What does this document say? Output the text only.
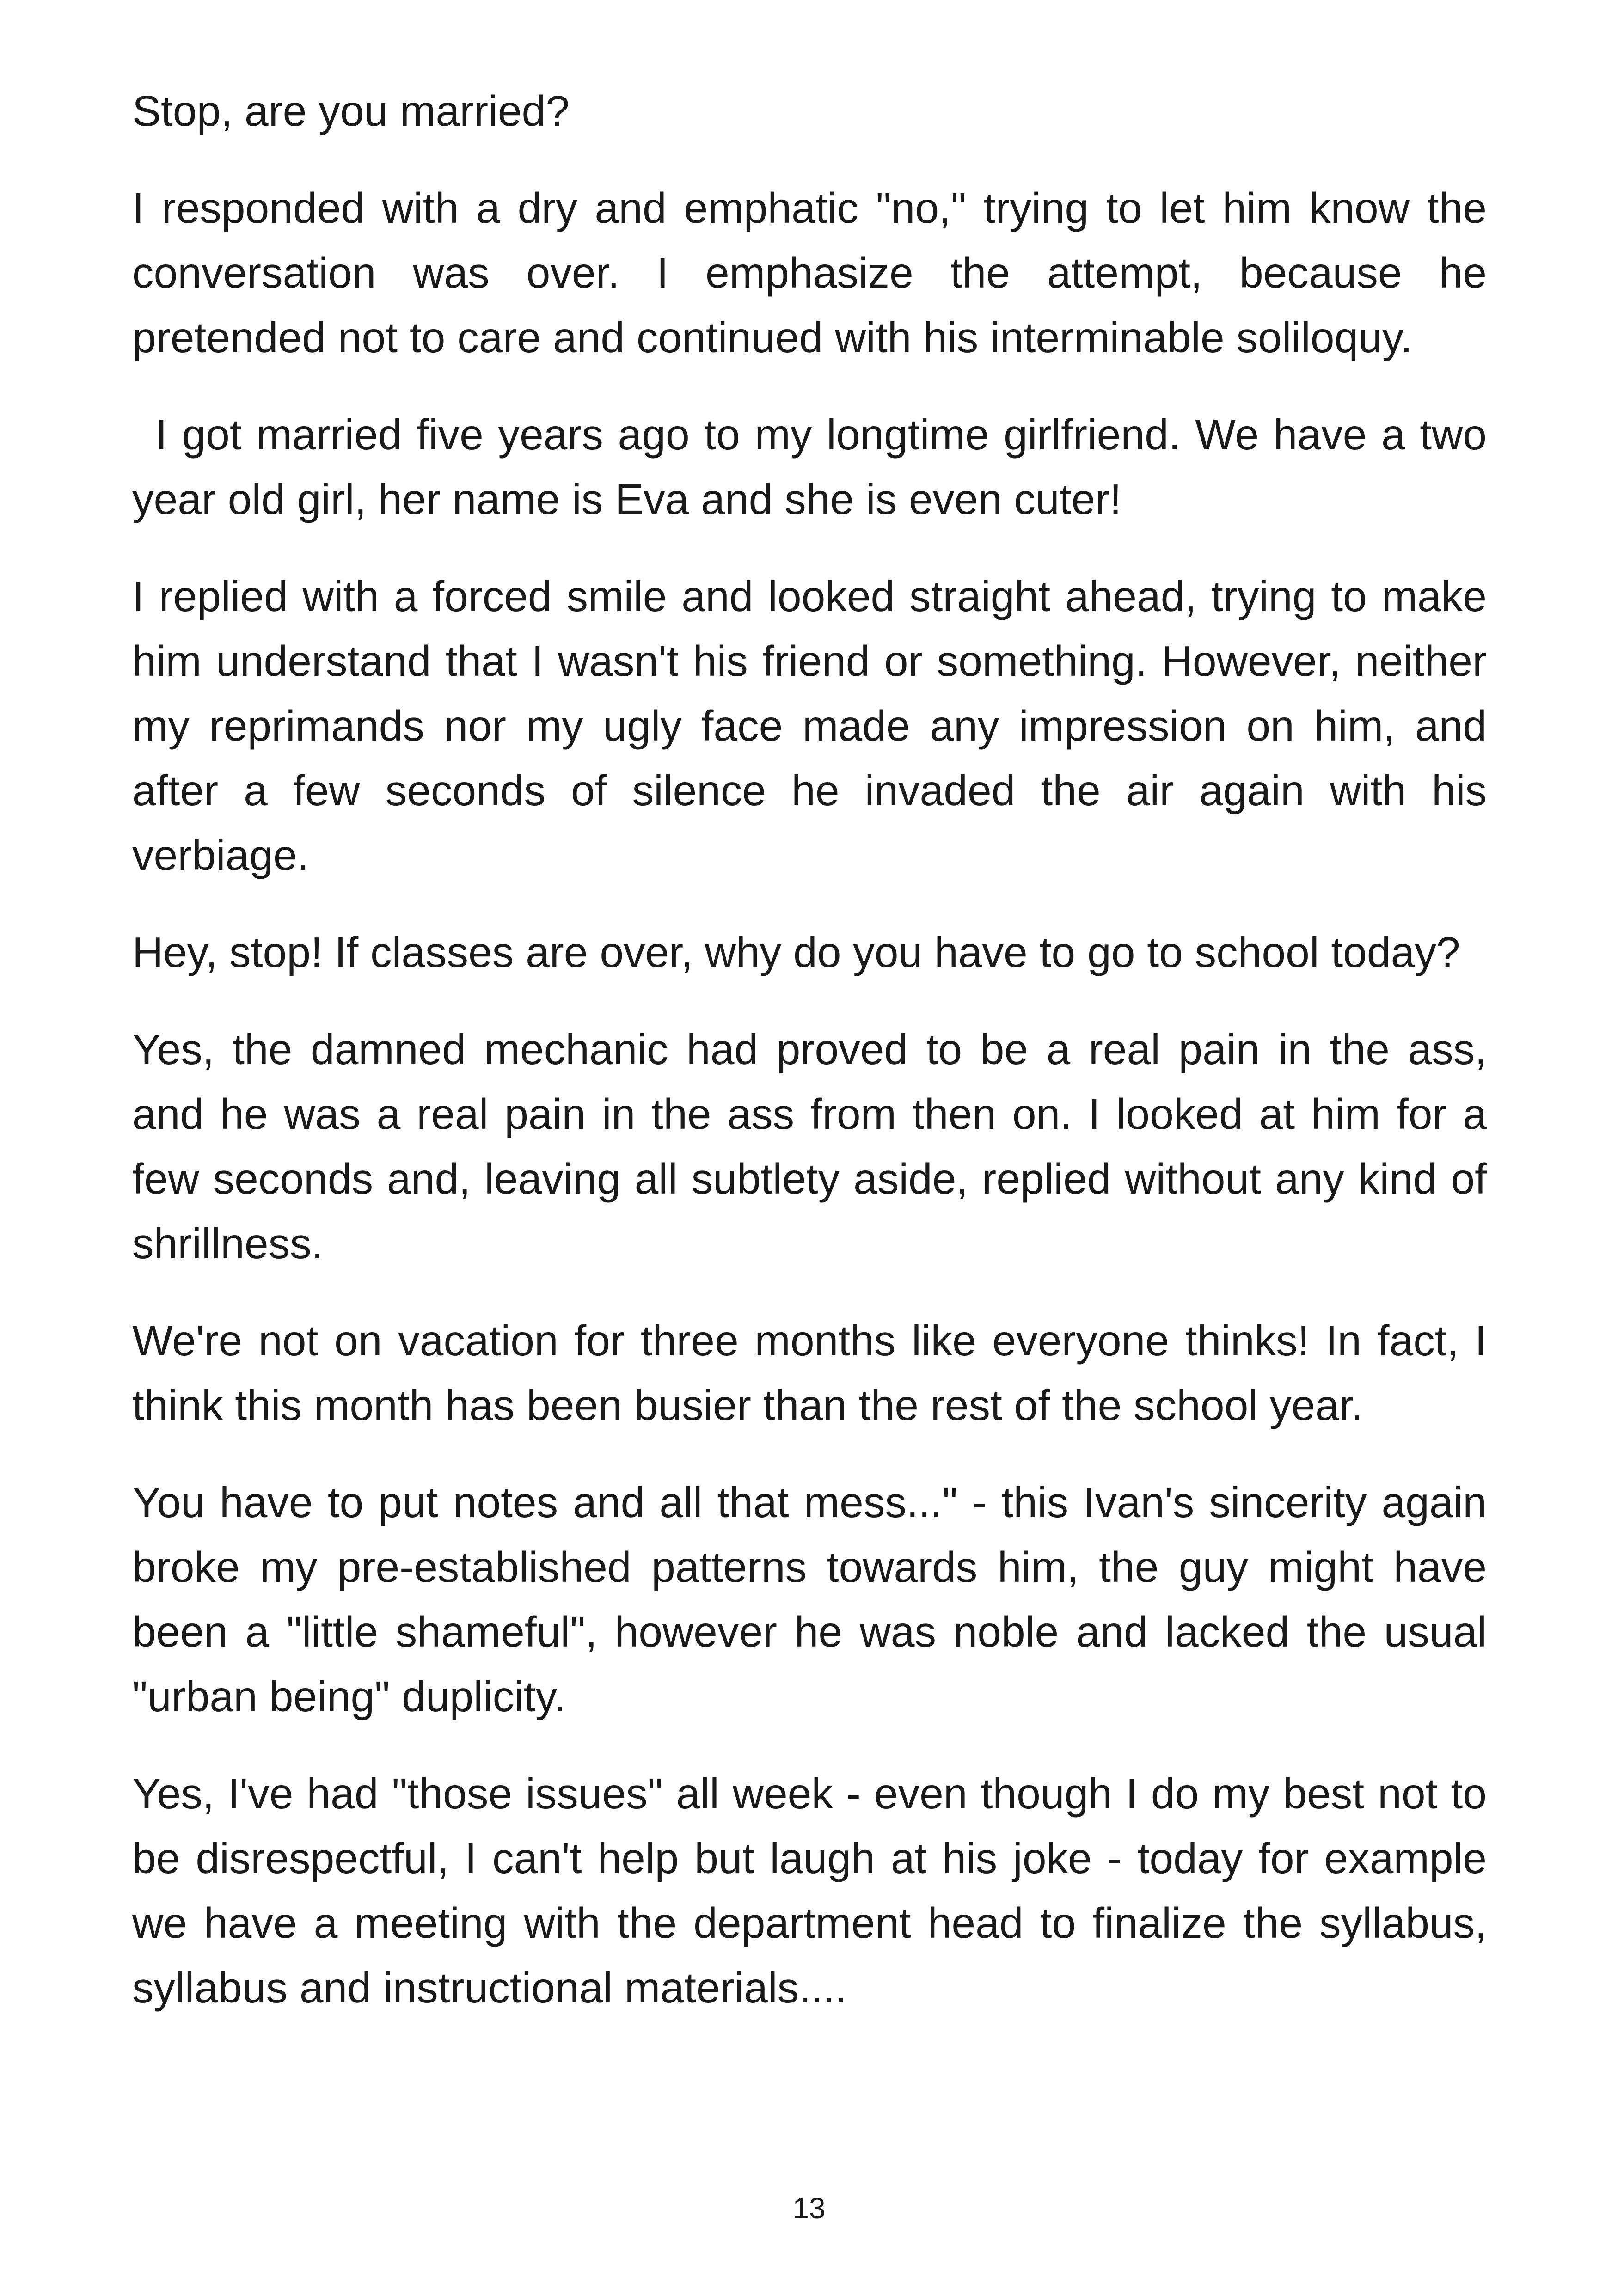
Stop, are you married?

I responded with a dry and emphatic "no," trying to let him know the conversation was over. I emphasize the attempt, because he pretended not to care and continued with his interminable soliloquy.

I got married five years ago to my longtime girlfriend. We have a two year old girl, her name is Eva and she is even cuter!

I replied with a forced smile and looked straight ahead, trying to make him understand that I wasn't his friend or something. However, neither my reprimands nor my ugly face made any impression on him, and after a few seconds of silence he invaded the air again with his verbiage.

Hey, stop! If classes are over, why do you have to go to school today?

Yes, the damned mechanic had proved to be a real pain in the ass, and he was a real pain in the ass from then on. I looked at him for a few seconds and, leaving all subtlety aside, replied without any kind of shrillness.

We're not on vacation for three months like everyone thinks! In fact, I think this month has been busier than the rest of the school year.

You have to put notes and all that mess..." - this Ivan's sincerity again broke my pre-established patterns towards him, the guy might have been a "little shameful", however he was noble and lacked the usual "urban being" duplicity.

Yes, I've had "those issues" all week - even though I do my best not to be disrespectful, I can't help but laugh at his joke - today for example we have a meeting with the department head to finalize the syllabus, syllabus and instructional materials....

13
